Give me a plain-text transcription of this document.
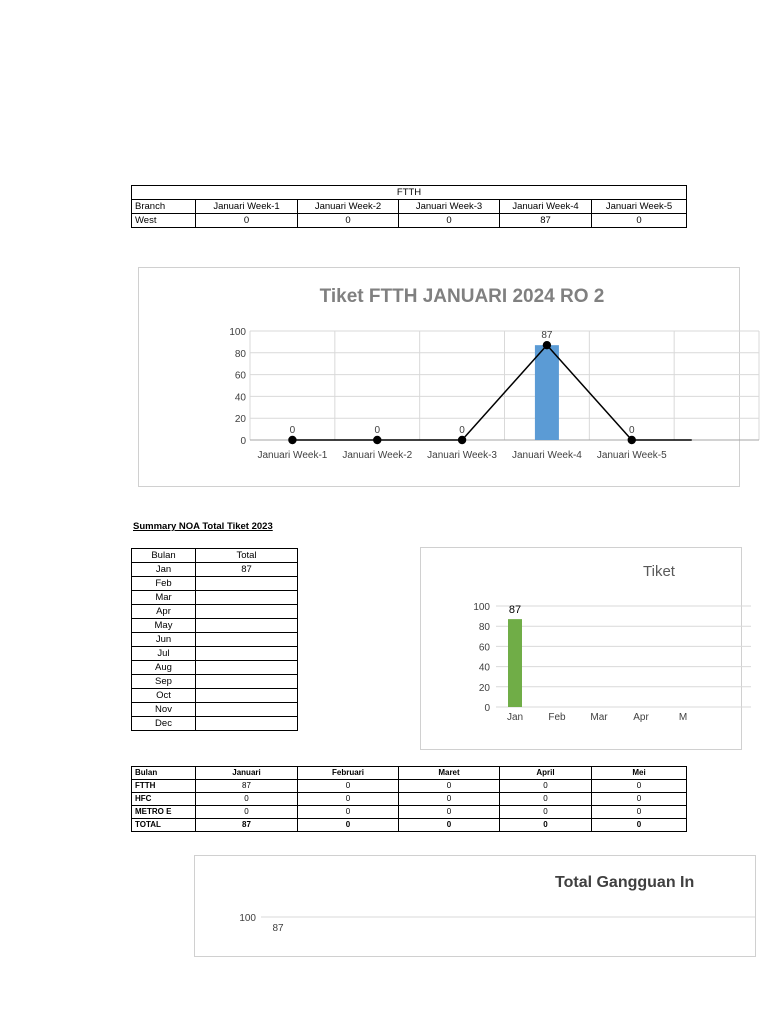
FTTH					
Branch	Januari Week-1	Januari Week-2	Januari Week-3	Januari Week-4	Januari Week-5
West	0	0	0	87	0
Tiket FTTH JANUARI 2024 RO 2
0
20
40
60
80
100
0	0	0
87
0
Januari Week-1 Januari Week-2 Januari Week-3 Januari Week-4 Januari Week-5
Summary NOA Total Tiket 2023
Bulan	Total
Jan	87
Feb	
Mar	
Apr	
May	
Jun	
Jul	
Aug	
Sep	
Oct	
Nov	
Dec	
Tiket
0
20
40
60
80
100 87
Jan	Feb Mar	Apr	M
Bulan	Januari	Februari	Maret	April	Mei
FTTH	87	0	0	0	0
HFC	0	0	0	0	0
METRO E	0	0	0	0	0
TOTAL	87	0	0	0	0
Total Gangguan In
100
87
